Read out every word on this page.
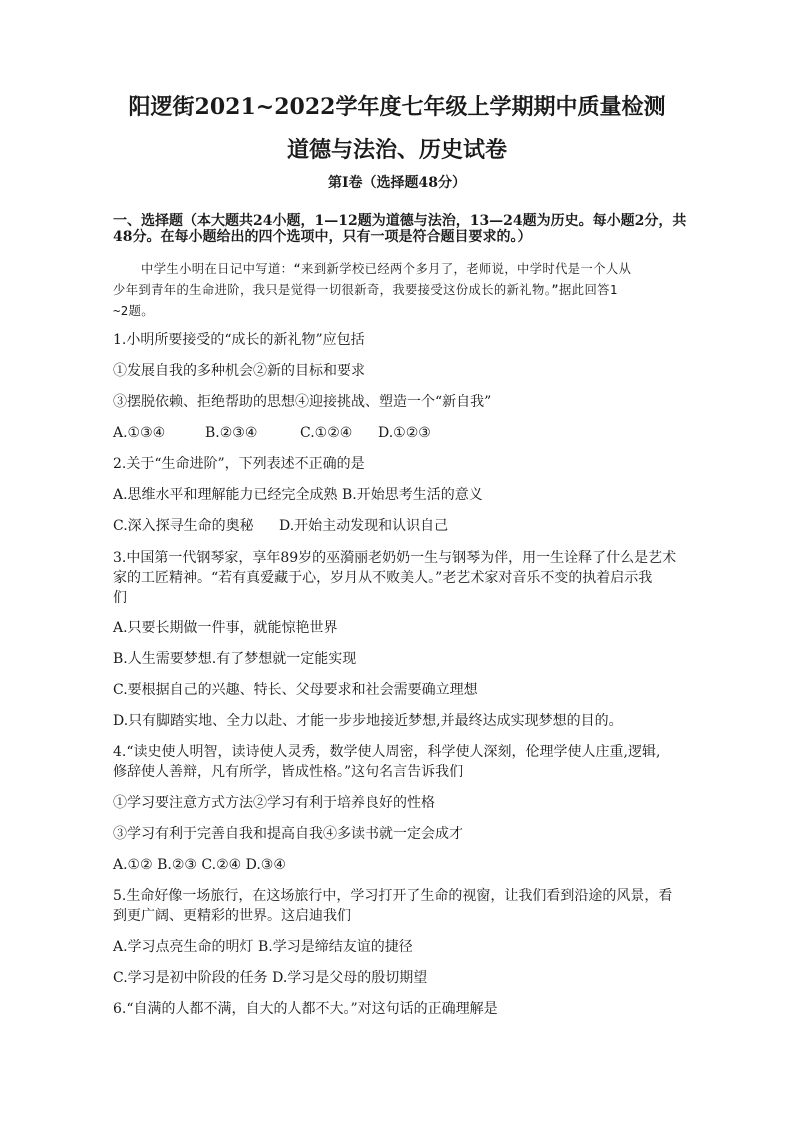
阳逻街2021~2022学年度七年级上学期期中质量检测
道德与法治、历史试卷
第Ⅰ卷（选择题48分）
一、选择题（本大题共24小题，1—12题为道德与法治，13—24题为历史。每小题2分，共
48分。在每小题给出的四个选项中，只有一项是符合题目要求的。）
中学生小明在日记中写道：“来到新学校已经两个多月了，老师说，中学时代是一个人从
少年到青年的生命进阶，我只是觉得一切很新奇，我要接受这份成长的新礼物。”据此回答1
~2题。
1.小明所要接受的“成长的新礼物”应包括
①发展自我的多种机会②新的目标和要求
③摆脱依赖、拒绝帮助的思想④迎接挑战、塑造一个“新自我”
A.①③④	B.②③④	C.①②④ D.①②③
2.关于“生命进阶”，下列表述不正确的是
A.思维水平和理解能力已经完全成熟 B.开始思考生活的意义
C.深入探寻生命的奥秘 D.开始主动发现和认识自己
3.中国第一代钢琴家，享年89岁的巫漪丽老奶奶一生与钢琴为伴，用一生诠释了什么是艺术
家的工匠精神。“若有真爱藏于心，岁月从不败美人。”老艺术家对音乐不变的执着启示我
们
A.只要长期做一件事，就能惊艳世界
B.人生需要梦想.有了梦想就一定能实现
C.要根据自己的兴趣、特长、父母要求和社会需要确立理想
D.只有脚踏实地、全力以赴、才能一步步地接近梦想,并最终达成实现梦想的目的。
4.“读史使人明智，读诗使人灵秀，数学使人周密，科学使人深刻，伦理学使人庄重,逻辑,
修辞使人善辩，凡有所学，皆成性格。”这句名言告诉我们
①学习要注意方式方法②学习有利于培养良好的性格
③学习有利于完善自我和提高自我④多读书就一定会成才
A.①② B.②③ C.②④ D.③④
5.生命好像一场旅行，在这场旅行中，学习打开了生命的视窗，让我们看到沿途的风景，看
到更广阔、更精彩的世界。这启迪我们
A.学习点亮生命的明灯 B.学习是缔结友谊的捷径
C.学习是初中阶段的任务 D.学习是父母的殷切期望
6.“自满的人都不满，自大的人都不大。”对这句话的正确理解是
